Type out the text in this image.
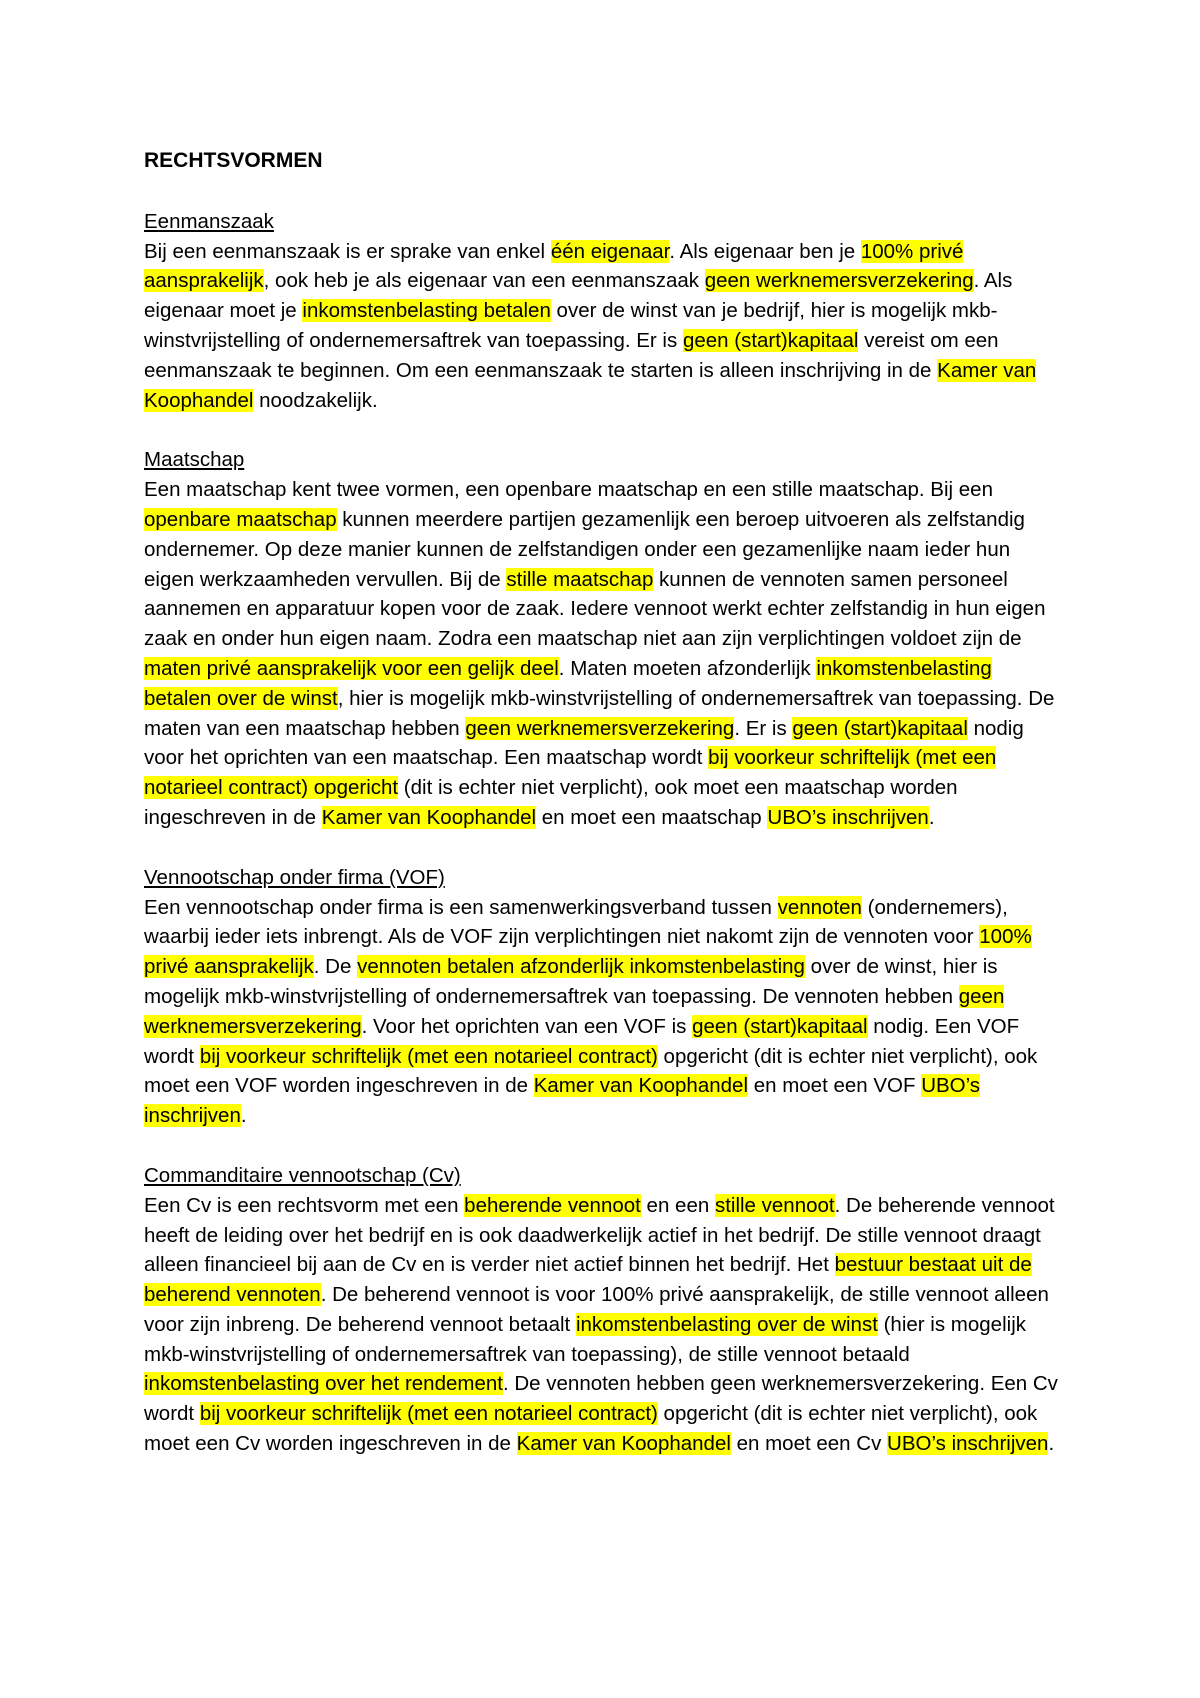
RECHTSVORMEN
Eenmanszaak

Bij een eenmanszaak is er sprake van enkel één eigenaar. Als eigenaar ben je 100% privé aansprakelijk, ook heb je als eigenaar van een eenmanszaak geen werknemersverzekering. Als eigenaar moet je inkomstenbelasting betalen over de winst van je bedrijf, hier is mogelijk mkb-winstvrijstelling of ondernemersaftrek van toepassing. Er is geen (start)kapitaal vereist om een eenmanszaak te beginnen. Om een eenmanszaak te starten is alleen inschrijving in de Kamer van Koophandel noodzakelijk.

Maatschap

Een maatschap kent twee vormen, een openbare maatschap en een stille maatschap. Bij een openbare maatschap kunnen meerdere partijen gezamenlijk een beroep uitvoeren als zelfstandig ondernemer. Op deze manier kunnen de zelfstandigen onder een gezamenlijke naam ieder hun eigen werkzaamheden vervullen. Bij de stille maatschap kunnen de vennoten samen personeel aannemen en apparatuur kopen voor de zaak. Iedere vennoot werkt echter zelfstandig in hun eigen zaak en onder hun eigen naam. Zodra een maatschap niet aan zijn verplichtingen voldoet zijn de maten privé aansprakelijk voor een gelijk deel. Maten moeten afzonderlijk inkomstenbelasting betalen over de winst, hier is mogelijk mkb-winstvrijstelling of ondernemersaftrek van toepassing. De maten van een maatschap hebben geen werknemersverzekering. Er is geen (start)kapitaal nodig voor het oprichten van een maatschap. Een maatschap wordt bij voorkeur schriftelijk (met een notarieel contract) opgericht (dit is echter niet verplicht), ook moet een maatschap worden ingeschreven in de Kamer van Koophandel en moet een maatschap UBO’s inschrijven.

Vennootschap onder firma (VOF)

Een vennootschap onder firma is een samenwerkingsverband tussen vennoten (ondernemers), waarbij ieder iets inbrengt. Als de VOF zijn verplichtingen niet nakomt zijn de vennoten voor 100% privé aansprakelijk. De vennoten betalen afzonderlijk inkomstenbelasting over de winst, hier is mogelijk mkb-winstvrijstelling of ondernemersaftrek van toepassing. De vennoten hebben geen werknemersverzekering. Voor het oprichten van een VOF is geen (start)kapitaal nodig. Een VOF wordt bij voorkeur schriftelijk (met een notarieel contract) opgericht (dit is echter niet verplicht), ook moet een VOF worden ingeschreven in de Kamer van Koophandel en moet een VOF UBO’s inschrijven.

Commanditaire vennootschap (Cv)

Een Cv is een rechtsvorm met een beherende vennoot en een stille vennoot. De beherende vennoot heeft de leiding over het bedrijf en is ook daadwerkelijk actief in het bedrijf. De stille vennoot draagt alleen financieel bij aan de Cv en is verder niet actief binnen het bedrijf. Het bestuur bestaat uit de beherend vennoten. De beherend vennoot is voor 100% privé aansprakelijk, de stille vennoot alleen voor zijn inbreng. De beherend vennoot betaalt inkomstenbelasting over de winst (hier is mogelijk mkb-winstvrijstelling of ondernemersaftrek van toepassing), de stille vennoot betaald inkomstenbelasting over het rendement. De vennoten hebben geen werknemersverzekering. Een Cv wordt bij voorkeur schriftelijk (met een notarieel contract) opgericht (dit is echter niet verplicht), ook moet een Cv worden ingeschreven in de Kamer van Koophandel en moet een Cv UBO’s inschrijven.
